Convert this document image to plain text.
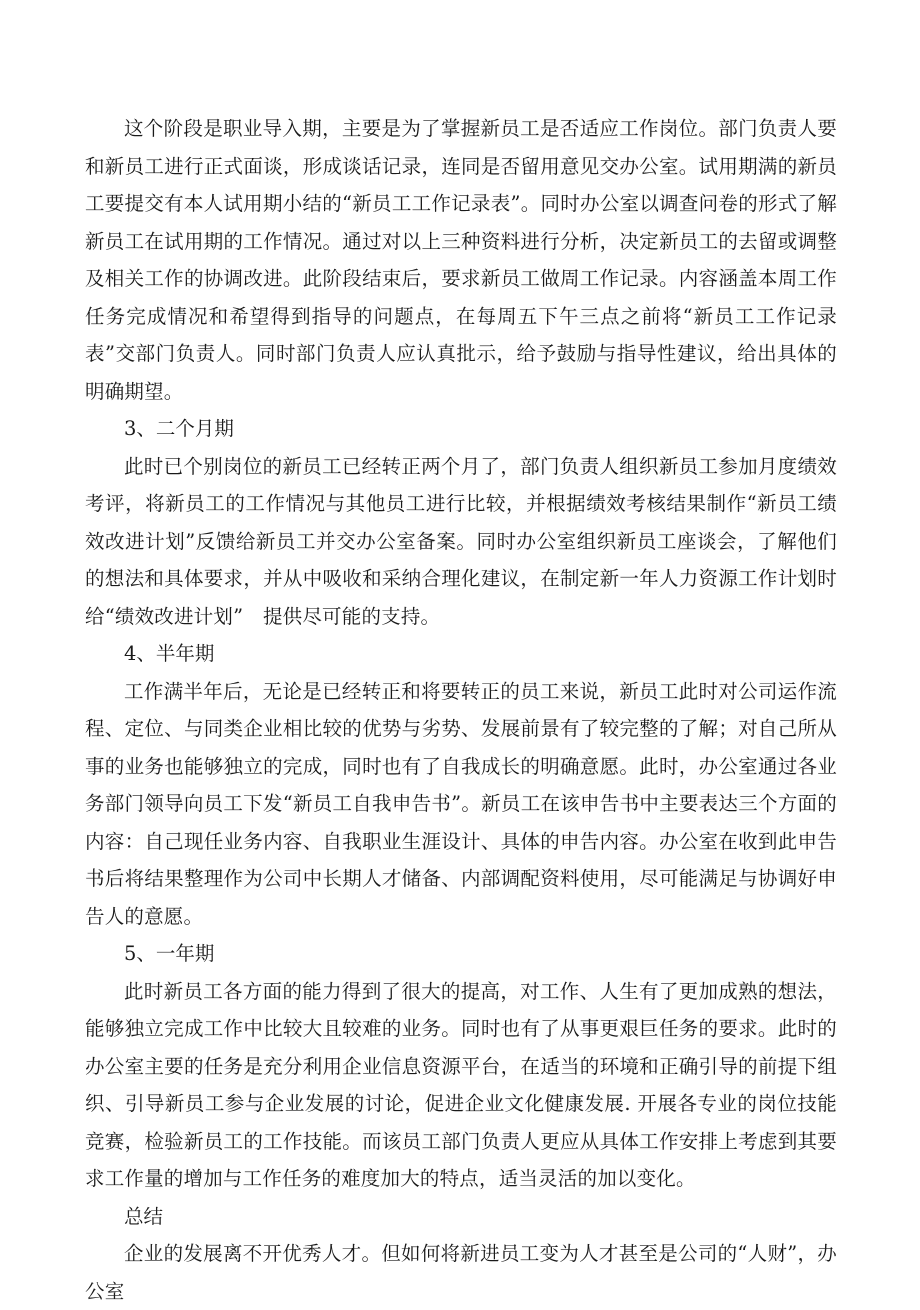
这个阶段是职业导入期，主要是为了掌握新员工是否适应工作岗位。部门负责人要和新员工进行正式面谈，形成谈话记录，连同是否留用意见交办公室。试用期满的新员工要提交有本人试用期小结的“新员工工作记录表”。同时办公室以调查问卷的形式了解新员工在试用期的工作情况。通过对以上三种资料进行分析，决定新员工的去留或调整及相关工作的协调改进。此阶段结束后，要求新员工做周工作记录。内容涵盖本周工作任务完成情况和希望得到指导的问题点，在每周五下午三点之前将“新员工工作记录表”交部门负责人。同时部门负责人应认真批示，给予鼓励与指导性建议，给出具体的明确期望。

3、二个月期

此时已个别岗位的新员工已经转正两个月了，部门负责人组织新员工参加月度绩效考评，将新员工的工作情况与其他员工进行比较，并根据绩效考核结果制作“新员工绩效改进计划”反馈给新员工并交办公室备案。同时办公室组织新员工座谈会，了解他们的想法和具体要求，并从中吸收和采纳合理化建议，在制定新一年人力资源工作计划时给“绩效改进计划”　提供尽可能的支持。

4、半年期

工作满半年后，无论是已经转正和将要转正的员工来说，新员工此时对公司运作流程、定位、与同类企业相比较的优势与劣势、发展前景有了较完整的了解；对自己所从事的业务也能够独立的完成，同时也有了自我成长的明确意愿。此时，办公室通过各业务部门领导向员工下发“新员工自我申告书”。新员工在该申告书中主要表达三个方面的内容：自己现任业务内容、自我职业生涯设计、具体的申告内容。办公室在收到此申告书后将结果整理作为公司中长期人才储备、内部调配资料使用，尽可能满足与协调好申告人的意愿。

5、一年期

此时新员工各方面的能力得到了很大的提高，对工作、人生有了更加成熟的想法，能够独立完成工作中比较大且较难的业务。同时也有了从事更艰巨任务的要求。此时的办公室主要的任务是充分利用企业信息资源平台，在适当的环境和正确引导的前提下组织、引导新员工参与企业发展的讨论，促进企业文化健康发展. 开展各专业的岗位技能竞赛，检验新员工的工作技能。而该员工部门负责人更应从具体工作安排上考虑到其要求工作量的增加与工作任务的难度加大的特点，适当灵活的加以变化。

总结

企业的发展离不开优秀人才。但如何将新进员工变为人才甚至是公司的“人财”，办公室
